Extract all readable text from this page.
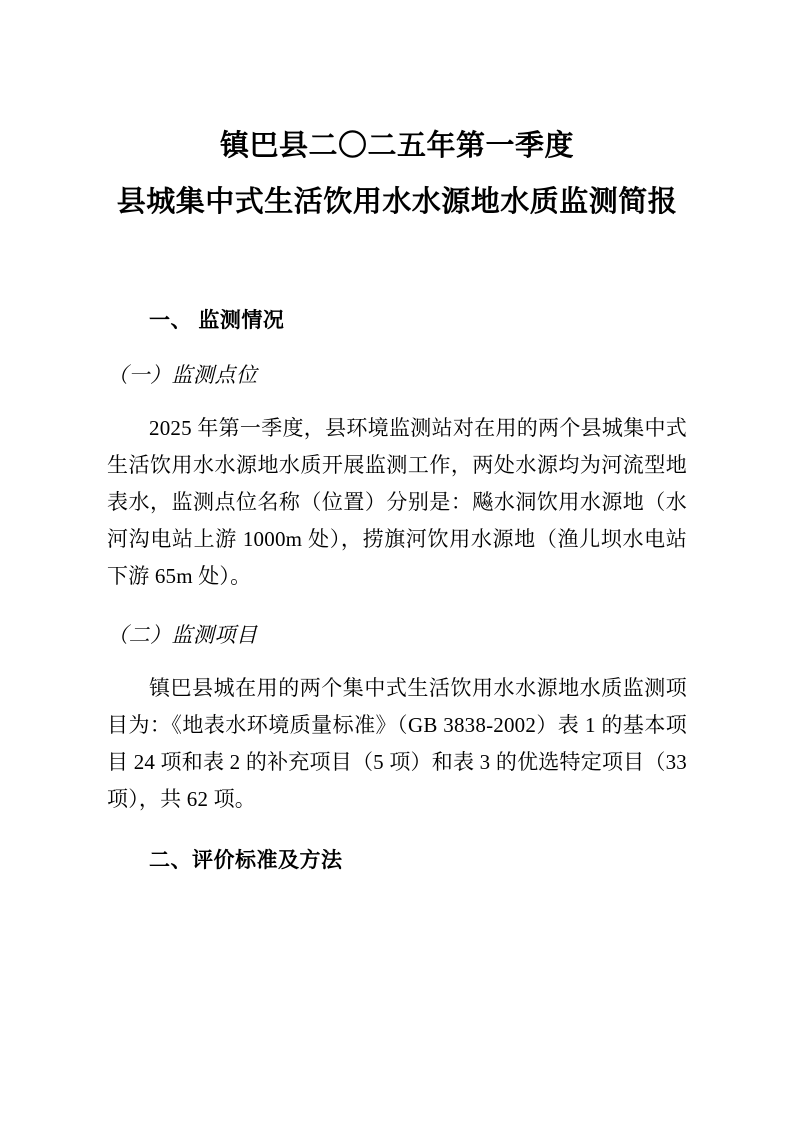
镇巴县二〇二五年第一季度
县城集中式生活饮用水水源地水质监测简报
一、 监测情况
（一）监测点位
2025 年第一季度，县环境监测站对在用的两个县城集中式生活饮用水水源地水质开展监测工作，两处水源均为河流型地表水，监测点位名称（位置）分别是：飚水洞饮用水源地（水河沟电站上游 1000m 处），捞旗河饮用水源地（渔儿坝水电站下游 65m 处）。
（二）监测项目
镇巴县城在用的两个集中式生活饮用水水源地水质监测项目为：《地表水环境质量标准》（GB 3838-2002）表 1 的基本项目 24 项和表 2 的补充项目（5 项）和表 3 的优选特定项目（33 项），共 62 项。
二、评价标准及方法
